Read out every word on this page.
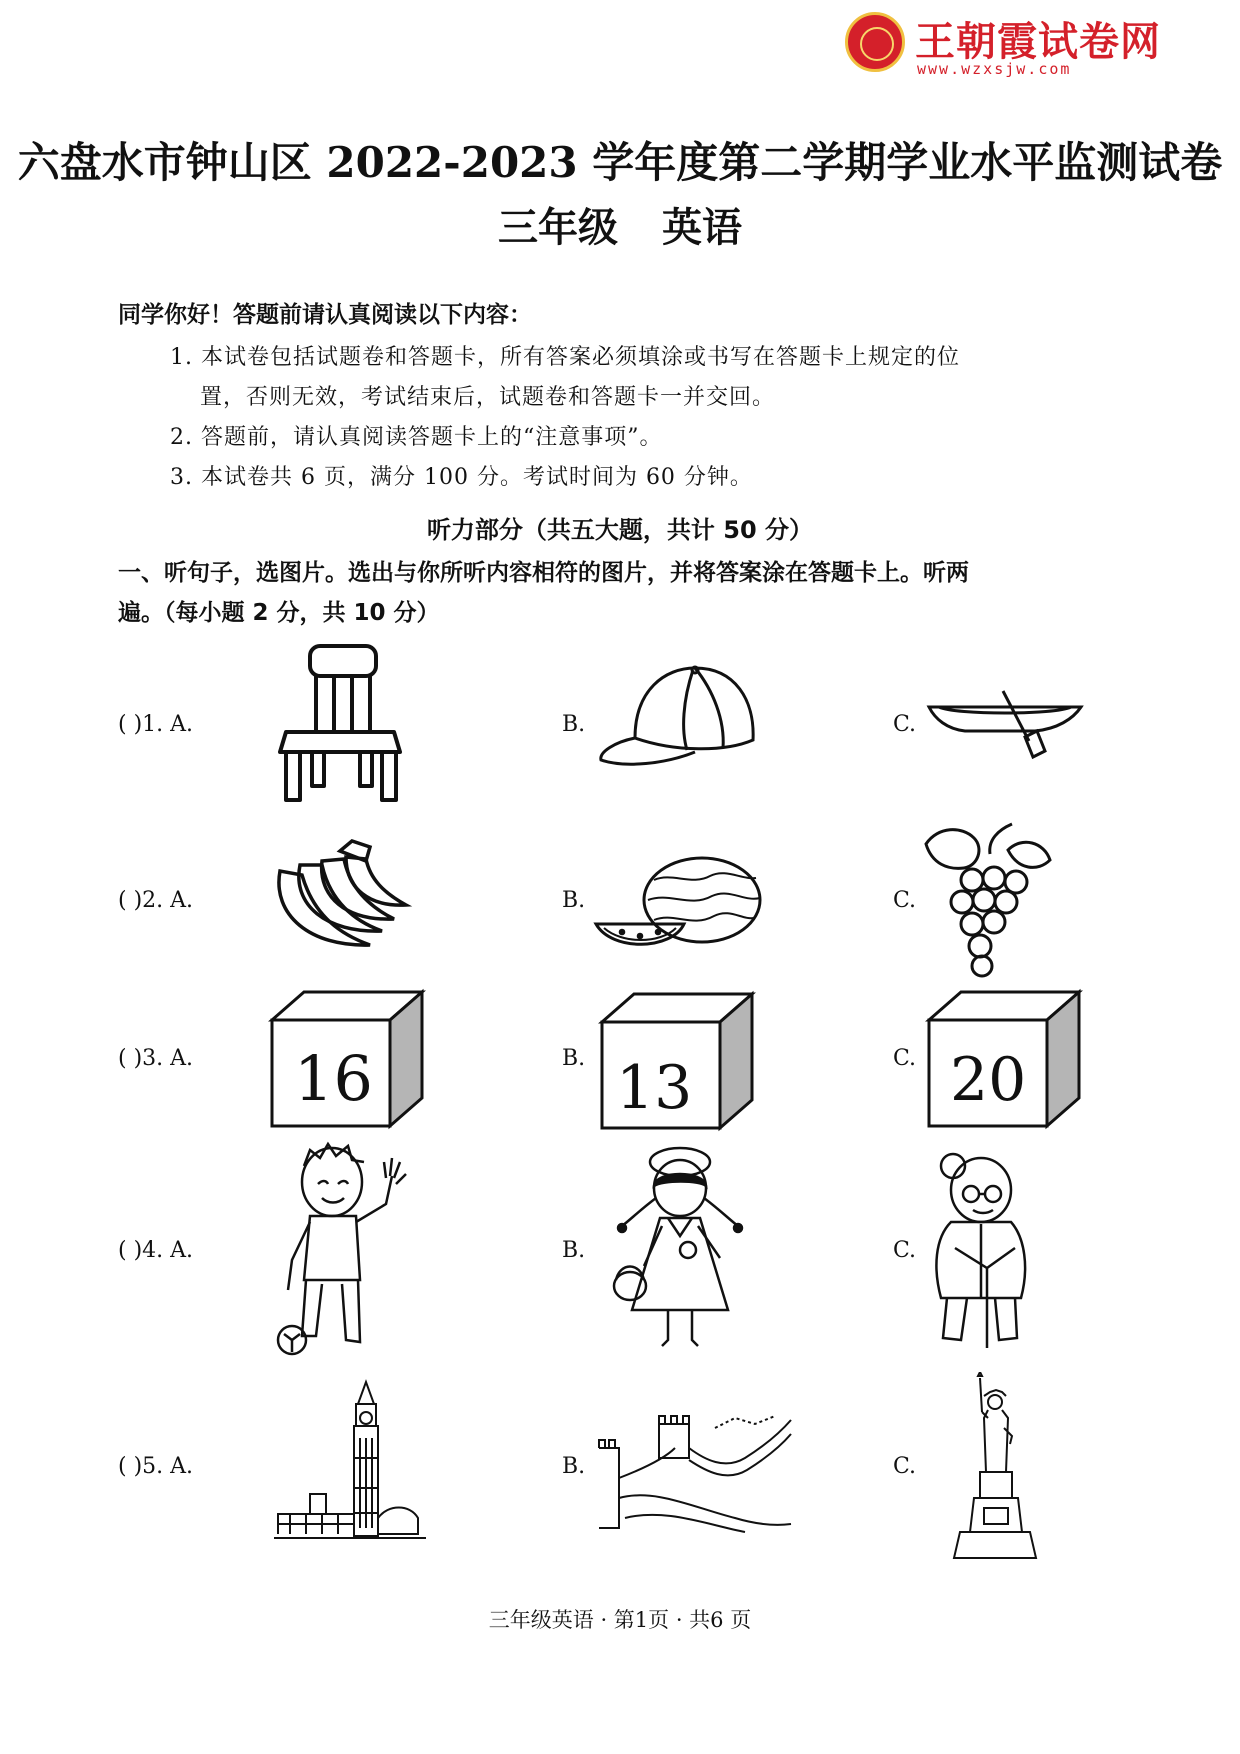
王朝霞试卷网
www.wzxsjw.com
六盘水市钟山区 2022-2023 学年度第二学期学业水平监测试卷
三年级 英语
同学你好！答题前请认真阅读以下内容：
1. 本试卷包括试题卷和答题卡，所有答案必须填涂或书写在答题卡上规定的位
置，否则无效，考试结束后，试题卷和答题卡一并交回。
2. 答题前，请认真阅读答题卡上的“注意事项”。
3. 本试卷共 6 页，满分 100 分。考试时间为 60 分钟。
听力部分（共五大题，共计 50 分）
一、听句子，选图片。选出与你所听内容相符的图片，并将答案涂在答题卡上。听两
遍。（每小题 2 分，共 10 分）
( )1. A.	B.	C.
( )2. A.	B.	C.
( )3. A. 16	B. 13	C. 20
( )4. A.	B.	C.
( )5. A.	B.	C.
三年级英语 · 第1页 · 共6 页
